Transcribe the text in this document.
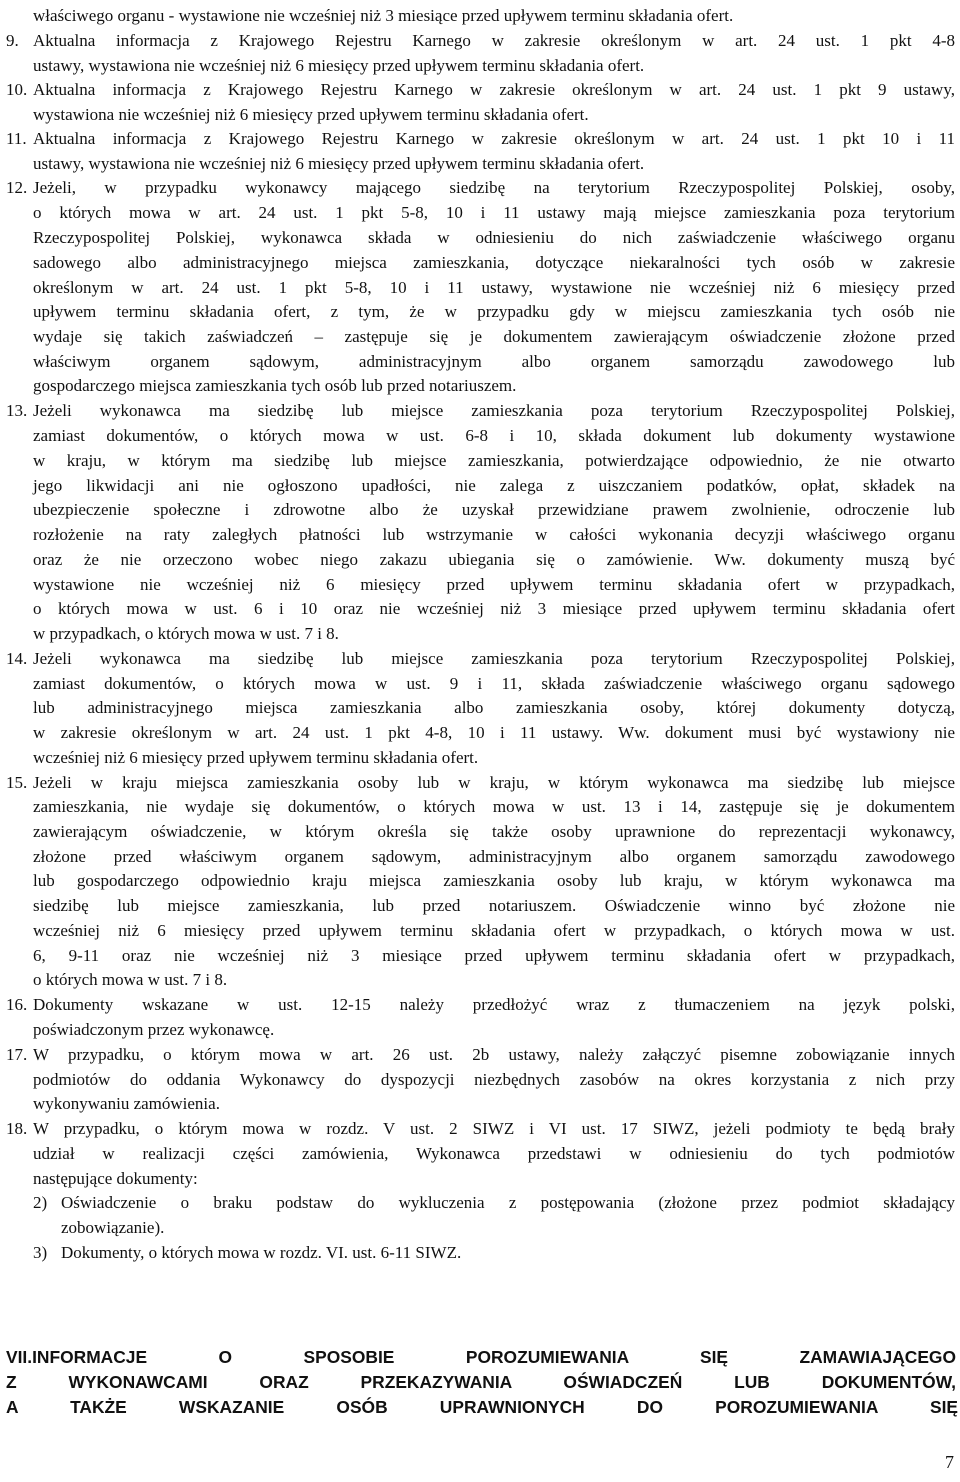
właściwego organu - wystawione nie wcześniej niż 3 miesiące przed upływem terminu składania ofert.
9. Aktualna informacja z Krajowego Rejestru Karnego w zakresie określonym w art. 24 ust. 1 pkt 4-8
ustawy, wystawiona nie wcześniej niż 6 miesięcy przed upływem terminu składania ofert.
10. Aktualna informacja z Krajowego Rejestru Karnego w zakresie określonym w art. 24 ust. 1 pkt 9 ustawy,
wystawiona nie wcześniej niż 6 miesięcy przed upływem terminu składania ofert.
11. Aktualna informacja z Krajowego Rejestru Karnego w zakresie określonym w art. 24 ust. 1 pkt 10 i 11
ustawy, wystawiona nie wcześniej niż 6 miesięcy przed upływem terminu składania ofert.
12. Jeżeli, w przypadku wykonawcy mającego siedzibę na terytorium Rzeczypospolitej Polskiej, osoby,
o których mowa w art. 24 ust. 1 pkt 5-8, 10 i 11 ustawy mają miejsce zamieszkania poza terytorium
Rzeczypospolitej Polskiej, wykonawca składa w odniesieniu do nich zaświadczenie właściwego organu
sadowego albo administracyjnego miejsca zamieszkania, dotyczące niekaralności tych osób w zakresie
określonym w art. 24 ust. 1 pkt 5-8, 10 i 11 ustawy, wystawione nie wcześniej niż 6 miesięcy przed
upływem terminu składania ofert, z tym, że w przypadku gdy w miejscu zamieszkania tych osób nie
wydaje się takich zaświadczeń – zastępuje się je dokumentem zawierającym oświadczenie złożone przed
właściwym organem sądowym, administracyjnym albo organem samorządu zawodowego lub
gospodarczego miejsca zamieszkania tych osób lub przed notariuszem.
13. Jeżeli wykonawca ma siedzibę lub miejsce zamieszkania poza terytorium Rzeczypospolitej Polskiej,
zamiast dokumentów, o których mowa w ust. 6-8 i 10, składa dokument lub dokumenty wystawione
w kraju, w którym ma siedzibę lub miejsce zamieszkania, potwierdzające odpowiednio, że nie otwarto
jego likwidacji ani nie ogłoszono upadłości, nie zalega z uiszczaniem podatków, opłat, składek na
ubezpieczenie społeczne i zdrowotne albo że uzyskał przewidziane prawem zwolnienie, odroczenie lub
rozłożenie na raty zaległych płatności lub wstrzymanie w całości wykonania decyzji właściwego organu
oraz że nie orzeczono wobec niego zakazu ubiegania się o zamówienie. Ww. dokumenty muszą być
wystawione nie wcześniej niż 6 miesięcy przed upływem terminu składania ofert w przypadkach,
o których mowa w ust. 6 i 10 oraz nie wcześniej niż 3 miesiące przed upływem terminu składania ofert
w przypadkach, o których mowa w ust. 7 i 8.
14. Jeżeli wykonawca ma siedzibę lub miejsce zamieszkania poza terytorium Rzeczypospolitej Polskiej,
zamiast dokumentów, o których mowa w ust. 9 i 11, składa zaświadczenie właściwego organu sądowego
lub administracyjnego miejsca zamieszkania albo zamieszkania osoby, której dokumenty dotyczą,
w zakresie określonym w art. 24 ust. 1 pkt 4-8, 10 i 11 ustawy. Ww. dokument musi być wystawiony nie
wcześniej niż 6 miesięcy przed upływem terminu składania ofert.
15. Jeżeli w kraju miejsca zamieszkania osoby lub w kraju, w którym wykonawca ma siedzibę lub miejsce
zamieszkania, nie wydaje się dokumentów, o których mowa w ust. 13 i 14, zastępuje się je dokumentem
zawierającym oświadczenie, w którym określa się także osoby uprawnione do reprezentacji wykonawcy,
złożone przed właściwym organem sądowym, administracyjnym albo organem samorządu zawodowego
lub gospodarczego odpowiednio kraju miejsca zamieszkania osoby lub kraju, w którym wykonawca ma
siedzibę lub miejsce zamieszkania, lub przed notariuszem. Oświadczenie winno być złożone nie
wcześniej niż 6 miesięcy przed upływem terminu składania ofert w przypadkach, o których mowa w ust.
6, 9-11 oraz nie wcześniej niż 3 miesiące przed upływem terminu składania ofert w przypadkach,
o których mowa w ust. 7 i 8.
16. Dokumenty wskazane w ust. 12-15 należy przedłożyć wraz z tłumaczeniem na język polski,
poświadczonym przez wykonawcę.
17. W przypadku, o którym mowa w art. 26 ust. 2b ustawy, należy załączyć pisemne zobowiązanie innych
podmiotów do oddania Wykonawcy do dyspozycji niezbędnych zasobów na okres korzystania z nich przy
wykonywaniu zamówienia.
18. W przypadku, o którym mowa w rozdz. V ust. 2 SIWZ i VI ust. 17 SIWZ, jeżeli podmioty te będą brały
udział w realizacji części zamówienia, Wykonawca przedstawi w odniesieniu do tych podmiotów
następujące dokumenty:
2) Oświadczenie o braku podstaw do wykluczenia z postępowania (złożone przez podmiot składający
zobowiązanie).
3) Dokumenty, o których mowa w rozdz. VI. ust. 6-11 SIWZ.
VII.INFORMACJE O SPOSOBIE POROZUMIEWANIA SIĘ ZAMAWIAJĄCEGO
Z WYKONAWCAMI ORAZ PRZEKAZYWANIA OŚWIADCZEŃ LUB DOKUMENTÓW,
A TAKŻE WSKAZANIE OSÓB UPRAWNIONYCH DO POROZUMIEWANIA SIĘ
7
